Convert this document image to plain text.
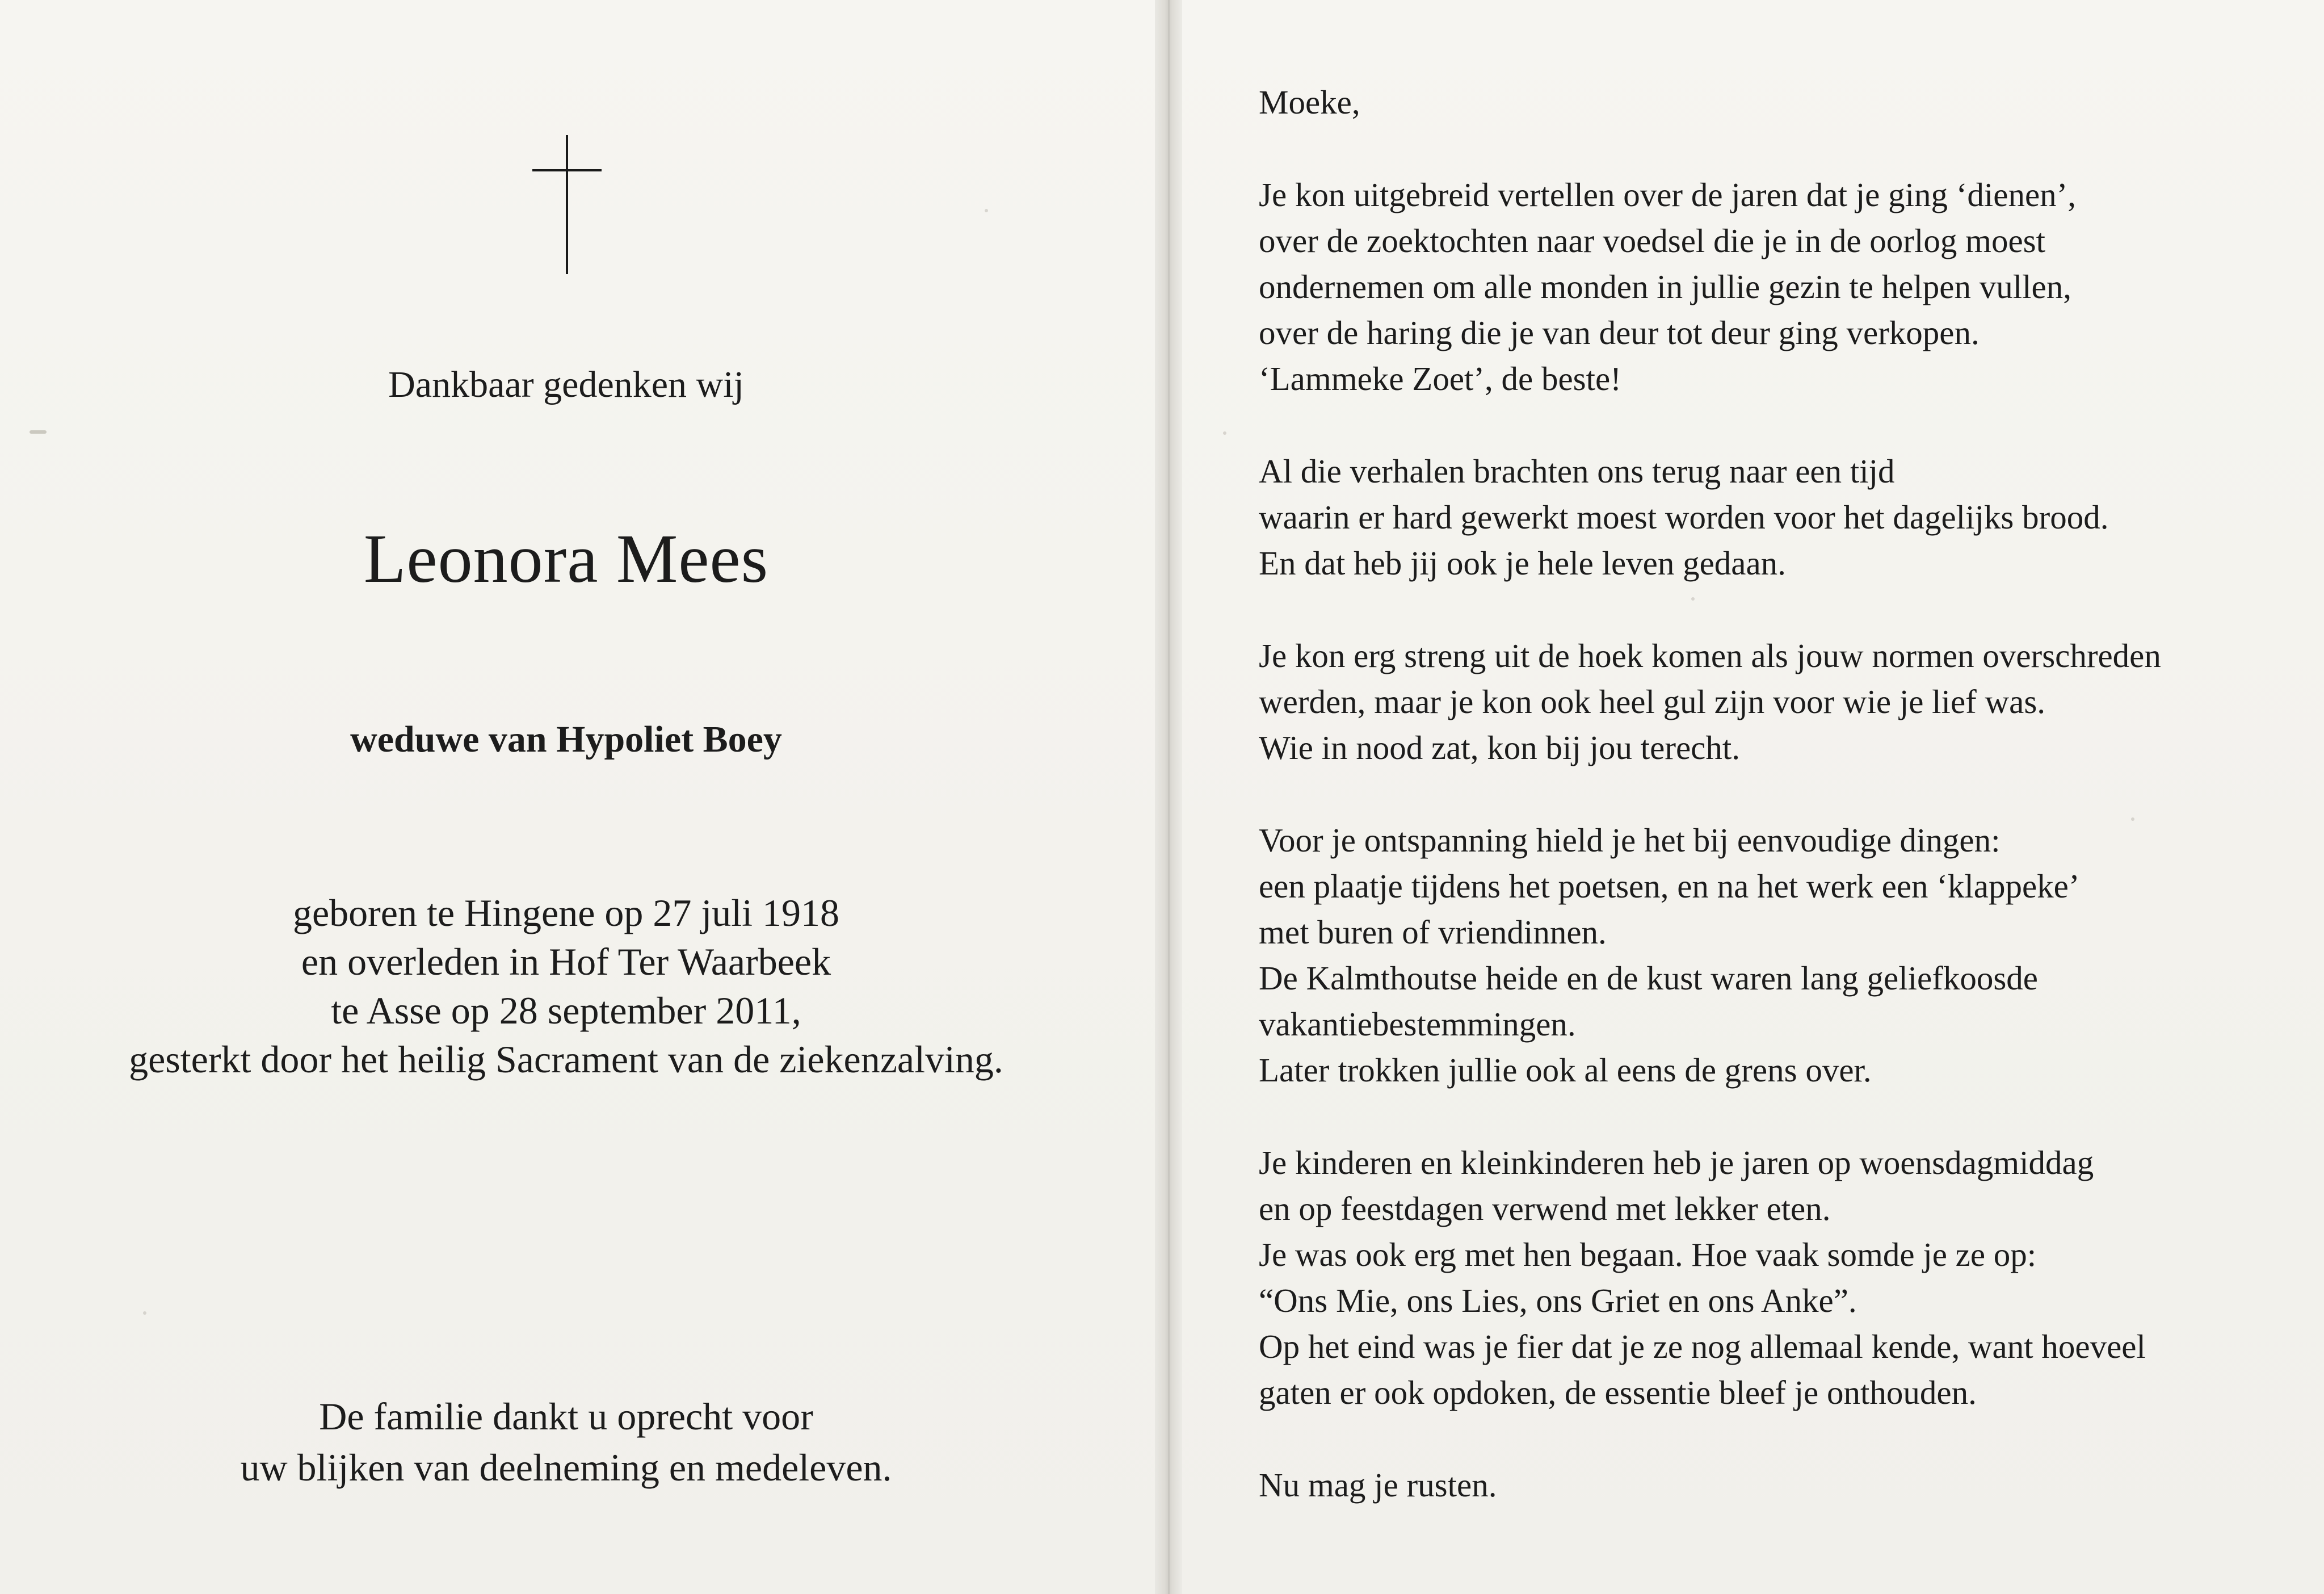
Dankbaar gedenken wij

Leonora Mees

weduwe van Hypoliet Boey

geboren te Hingene op 27 juli 1918
en overleden in Hof Ter Waarbeek
te Asse op 28 september 2011,
gesterkt door het heilig Sacrament van de ziekenzalving.
De familie dankt u oprecht voor
uw blijken van deelneming en medeleven.
Moeke,
Je kon uitgebreid vertellen over de jaren dat je ging ‘dienen’,
over de zoektochten naar voedsel die je in de oorlog moest
ondernemen om alle monden in jullie gezin te helpen vullen,
over de haring die je van deur tot deur ging verkopen.
‘Lammeke Zoet’, de beste!
Al die verhalen brachten ons terug naar een tijd
waarin er hard gewerkt moest worden voor het dagelijks brood.
En dat heb jij ook je hele leven gedaan.
Je kon erg streng uit de hoek komen als jouw normen overschreden
werden, maar je kon ook heel gul zijn voor wie je lief was.
Wie in nood zat, kon bij jou terecht.
Voor je ontspanning hield je het bij eenvoudige dingen:
een plaatje tijdens het poetsen, en na het werk een ‘klappeke’
met buren of vriendinnen.
De Kalmthoutse heide en de kust waren lang geliefkoosde
vakantiebestemmingen.
Later trokken jullie ook al eens de grens over.
Je kinderen en kleinkinderen heb je jaren op woensdagmiddag
en op feestdagen verwend met lekker eten.
Je was ook erg met hen begaan. Hoe vaak somde je ze op:
“Ons Mie, ons Lies, ons Griet en ons Anke”.
Op het eind was je fier dat je ze nog allemaal kende, want hoeveel
gaten er ook opdoken, de essentie bleef je onthouden.
Nu mag je rusten.
